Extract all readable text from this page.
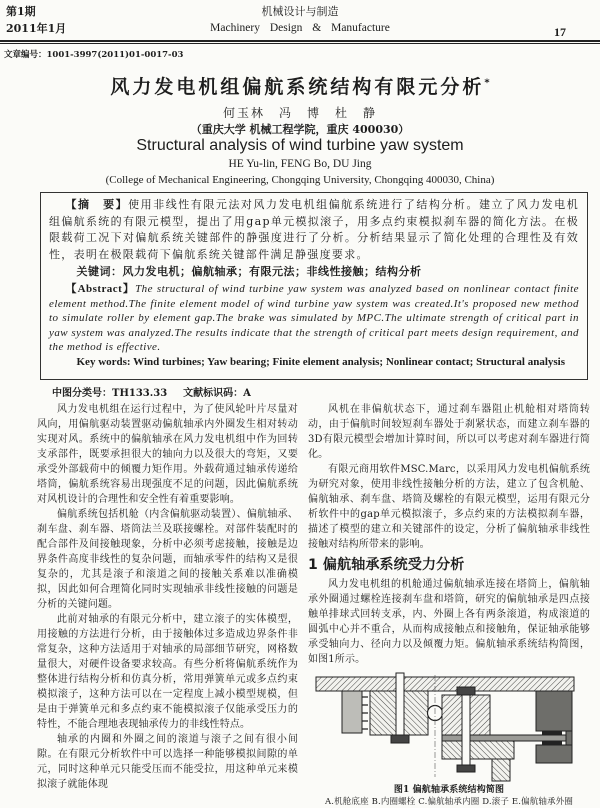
第1期
2011年1月
机械设计与制造
Machinery Design & Manufacture	17
文章编号：1001-3997(2011)01-0017-03
风力发电机组偏航系统结构有限元分析*
何玉林　冯　博　杜　静
（重庆大学 机械工程学院，重庆 400030）
Structural analysis of wind turbine yaw system
HE Yu-lin, FENG Bo, DU Jing
(College of Mechanical Engineering, Chongqing University, Chongqing 400030, China)

【摘　要】使用非线性有限元法对风力发电机组偏航系统进行了结构分析。建立了风力发电机组偏航系统的有限元模型，提出了用gap单元模拟滚子，用多点约束模拟刹车器的简化方法。在极限载荷工况下对偏航系统关键部件的静强度进行了分析。分析结果显示了简化处理的合理性及有效性，表明在极限载荷下偏航系统关键部件满足静强度要求。

关键词：风力发电机；偏航轴承；有限元法；非线性接触；结构分析

【Abstract】The structural of wind turbine yaw system was analyzed based on nonlinear contact finite element method.The finite element model of wind turbine yaw system was created.It's proposed new method to simulate roller by element gap.The brake was simulated by MPC.The ultimate strength of critical part in yaw system was analyzed.The results indicate that the strength of critical part meets design requirement, and the method is effective.

Key words: Wind turbines; Yaw bearing; Finite element analysis; Nonlinear contact; Structural analysis

中图分类号：TH133.33 文献标识码：A

风力发电机组在运行过程中，为了使风轮叶片尽量对风向，用偏航驱动装置驱动偏航轴承内外圈发生相对转动实现对风。系统中的偏航轴承在风力发电机组中作为回转支承部件，既要承担很大的轴向力以及很大的弯矩，又要承受外部载荷中的倾覆力矩作用。外载荷通过轴承传递给塔筒，偏航系统容易出现强度不足的问题，因此偏航系统对风机设计的合理性和安全性有着重要影响。

偏航系统包括机舱（内含偏航驱动装置）、偏航轴承、刹车盘、刹车器、塔筒法兰及联接螺栓。对部件装配时的配合部件及间接触现象，分析中必须考虑接触，接触是边界条件高度非线性的复杂问题，而轴承零件的结构又是很复杂的，尤其是滚子和滚道之间的接触关系难以准确模拟，因此如何合理简化同时实现轴承非线性接触的问题是分析的关键问题。

此前对轴承的有限元分析中，建立滚子的实体模型，用接触的方法进行分析，由于接触体过多造成边界条件非常复杂，这种方法适用于对轴承的局部细节研究，网格数量很大，对硬件设备要求较高。有些分析将偏航系统作为整体进行结构分析和仿真分析，常用弹簧单元或多点约束模拟滚子，这种方法可以在一定程度上减小模型规模，但是由于弹簧单元和多点约束不能模拟滚子仅能承受压力的特性，不能合理地表现轴承传力的非线性特点。

轴承的内圈和外圈之间的滚道与滚子之间有很小间隙。在有限元分析软件中可以选择一种能够模拟间隙的单元，同时这种单元只能受压而不能受拉，用这种单元来模拟滚子就能体现

风机在非偏航状态下，通过刹车器阻止机舱相对塔筒转动，由于偏航时间较短刹车器处于刹紧状态，而建立刹车器的3D有限元模型会增加计算时间，所以可以考虑对刹车器进行简化。

有限元商用软件MSC.Marc，以采用风力发电机偏航系统为研究对象，使用非线性接触分析的方法，建立了包含机舱、偏航轴承、刹车盘、塔筒及螺栓的有限元模型，运用有限元分析软件中的gap单元模拟滚子，多点约束的方法模拟刹车器，描述了模型的建立和关键部件的设定，分析了偏航轴承非线性接触对结构所带来的影响。

1 偏航轴承系统受力分析

风力发电机组的机舱通过偏航轴承连接在塔筒上，偏航轴承外圈通过螺栓连接刹车盘和塔筒，研究的偏航轴承是四点接触单排球式回转支承，内、外圈上各有两条滚道，构成滚道的圆弧中心并不重合，从而构成接触点和接触角，保证轴承能够承受轴向力、径向力以及倾覆力矩。偏航轴承系统结构简图，如图1所示。

图1 偏航轴承系统结构简图
A.机舱底座 B.内圈螺栓 C.偏航轴承内圈 D.滚子 E.偏航轴承外圈
